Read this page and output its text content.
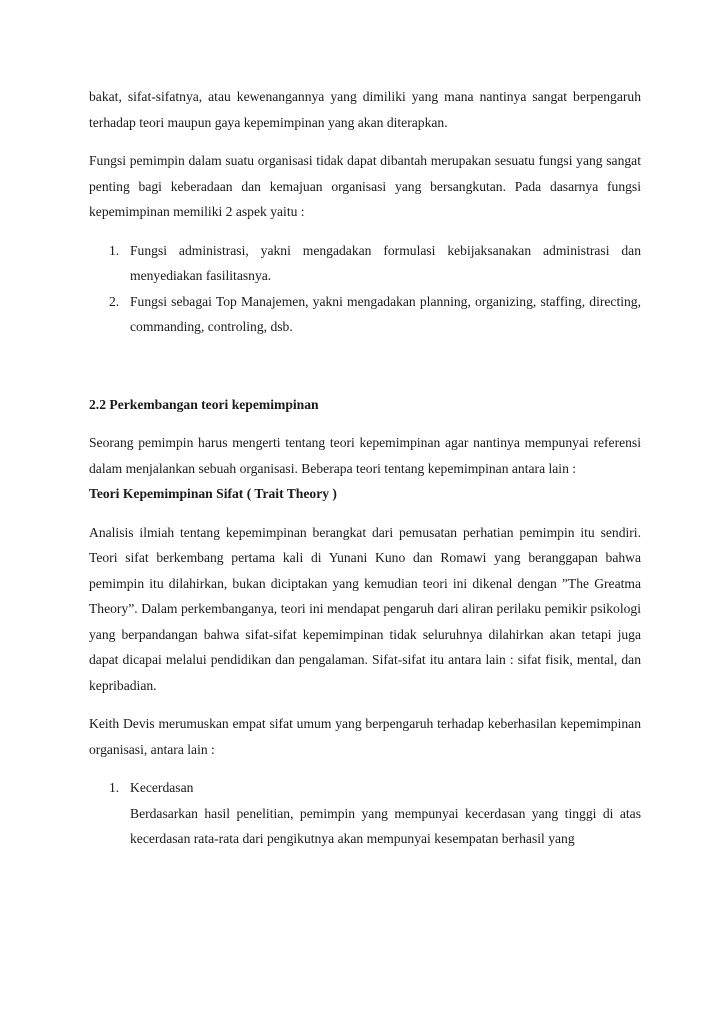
bakat, sifat-sifatnya, atau kewenangannya yang dimiliki yang mana nantinya sangat berpengaruh terhadap teori maupun gaya kepemimpinan yang akan diterapkan.

Fungsi pemimpin dalam suatu organisasi tidak dapat dibantah merupakan sesuatu fungsi yang sangat penting bagi keberadaan dan kemajuan organisasi yang bersangkutan. Pada dasarnya fungsi kepemimpinan memiliki 2 aspek yaitu :

1. Fungsi administrasi, yakni mengadakan formulasi kebijaksanakan administrasi dan menyediakan fasilitasnya.
2. Fungsi sebagai Top Manajemen, yakni mengadakan planning, organizing, staffing, directing, commanding, controling, dsb.

2.2 Perkembangan teori kepemimpinan

Seorang pemimpin harus mengerti tentang teori kepemimpinan agar nantinya mempunyai referensi dalam menjalankan sebuah organisasi. Beberapa teori tentang kepemimpinan antara lain :

Teori Kepemimpinan Sifat ( Trait Theory )

Analisis ilmiah tentang kepemimpinan berangkat dari pemusatan perhatian pemimpin itu sendiri. Teori sifat berkembang pertama kali di Yunani Kuno dan Romawi yang beranggapan bahwa pemimpin itu dilahirkan, bukan diciptakan yang kemudian teori ini dikenal dengan ”The Greatma Theory”. Dalam perkembanganya, teori ini mendapat pengaruh dari aliran perilaku pemikir psikologi yang berpandangan bahwa sifat-sifat kepemimpinan tidak seluruhnya dilahirkan akan tetapi juga dapat dicapai melalui pendidikan dan pengalaman. Sifat-sifat itu antara lain : sifat fisik, mental, dan kepribadian.

Keith Devis merumuskan empat sifat umum yang berpengaruh terhadap keberhasilan kepemimpinan organisasi, antara lain :

1. Kecerdasan
Berdasarkan hasil penelitian, pemimpin yang mempunyai kecerdasan yang tinggi di atas kecerdasan rata-rata dari pengikutnya akan mempunyai kesempatan berhasil yang
